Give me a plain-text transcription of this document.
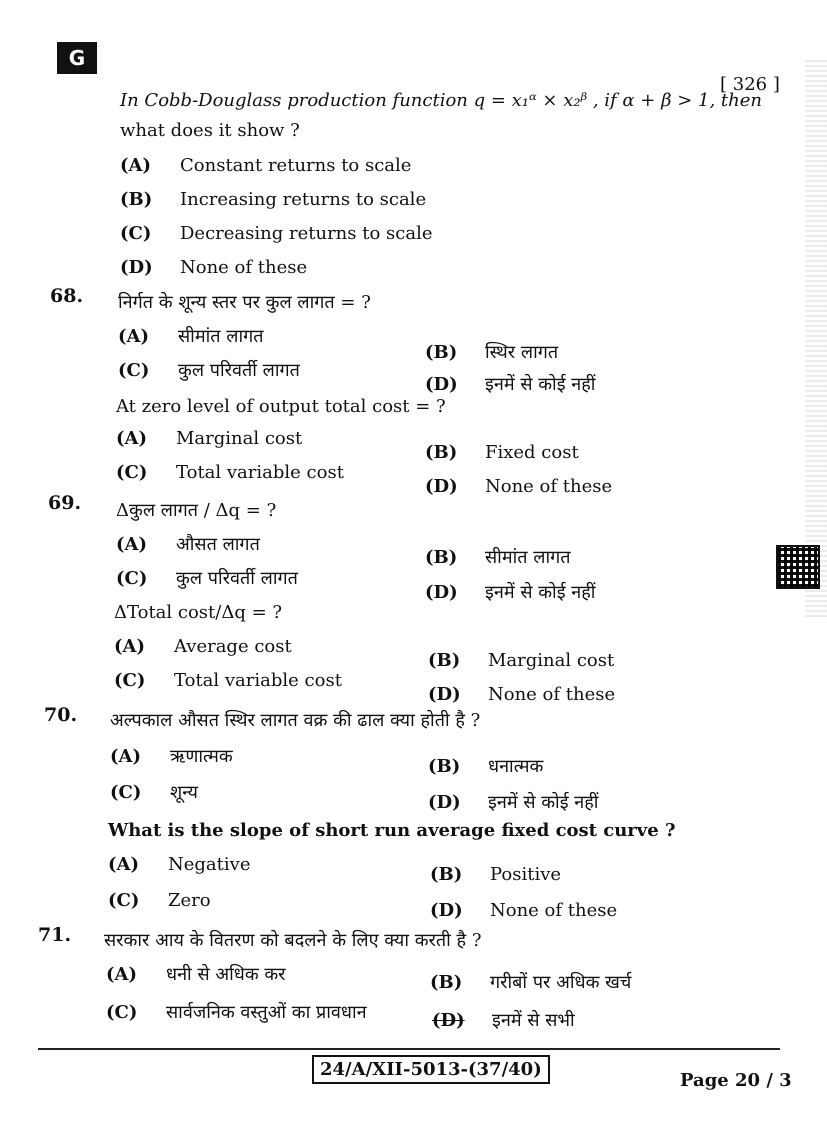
G
[ 326 ]
In Cobb-Douglass production function q = x₁ᵅ × x₂ᵝ , if α + β > 1, then
what does it show ?
(A) Constant returns to scale
(B) Increasing returns to scale
(C) Decreasing returns to scale
(D) None of these
68. निर्गत के शून्य स्तर पर कुल लागत = ?
(A) सीमांत लागत
(B) स्थिर लागत
(C) कुल परिवर्ती लागत
(D) इनमें से कोई नहीं
At zero level of output total cost = ?
(A) Marginal cost
(B) Fixed cost
(C) Total variable cost
(D) None of these
69. Δकुल लागत / Δq = ?
(A) औसत लागत
(B) सीमांत लागत
(C) कुल परिवर्ती लागत
(D) इनमें से कोई नहीं
ΔTotal cost/Δq = ?
(A) Average cost
(B) Marginal cost
(C) Total variable cost
(D) None of these
70. अल्पकाल औसत स्थिर लागत वक्र की ढाल क्या होती है ?
(A) ऋणात्मक	(B) धनात्मक
(C) शून्य	(D) इनमें से कोई नहीं
What is the slope of short run average fixed cost curve ?
(A) Negative	(B) Positive
(C) Zero	(D) None of these
71. सरकार आय के वितरण को बदलने के लिए क्या करती है ?
(A) धनी से अधिक कर	(B) गरीबों पर अधिक खर्च
(C) सार्वजनिक वस्तुओं का प्रावधान	(D) इनमें से सभी
24/A/XII-5013-(37/40)
Page 20 / 3
